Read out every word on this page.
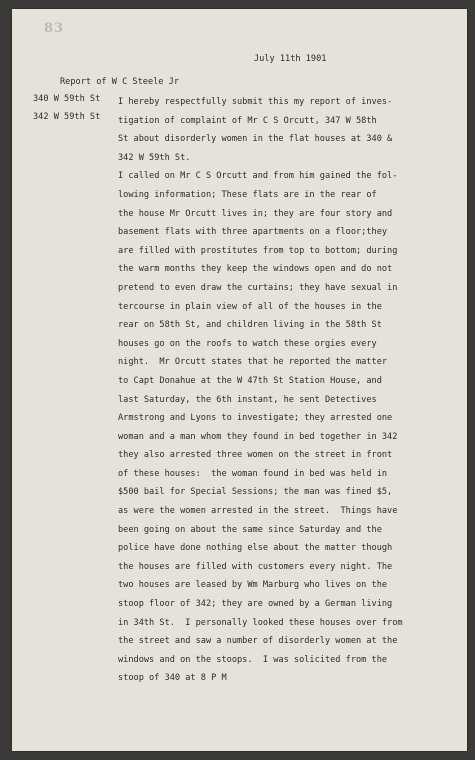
83
July 11th 1901
Report of W C Steele Jr
340 W 59th St
342 W 59th St
I hereby respectfully submit this my report of inves-
tigation of complaint of Mr C S Orcutt, 347 W 58th
St about disorderly women in the flat houses at 340 &
342 W 59th St.
I called on Mr C S Orcutt and from him gained the fol-
lowing information; These flats are in the rear of
the house Mr Orcutt lives in; they are four story and
basement flats with three apartments on a floor;they
are filled with prostitutes from top to bottom; during
the warm months they keep the windows open and do not
pretend to even draw the curtains; they have sexual in
tercourse in plain view of all of the houses in the
rear on 58th St, and children living in the 58th St
houses go on the roofs to watch these orgies every
night.  Mr Orcutt states that he reported the matter
to Capt Donahue at the W 47th St Station House, and
last Saturday, the 6th instant, he sent Detectives
Armstrong and Lyons to investigate; they arrested one
woman and a man whom they found in bed together in 342
they also arrested three women on the street in front
of these houses:  the woman found in bed was held in
$500 bail for Special Sessions; the man was fined $5,
as were the women arrested in the street.  Things have
been going on about the same since Saturday and the
police have done nothing else about the matter though
the houses are filled with customers every night. The
two houses are leased by Wm Marburg who lives on the
stoop floor of 342; they are owned by a German living
in 34th St.  I personally looked these houses over from
the street and saw a number of disorderly women at the
windows and on the stoops.  I was solicited from the
stoop of 340 at 8 P M
